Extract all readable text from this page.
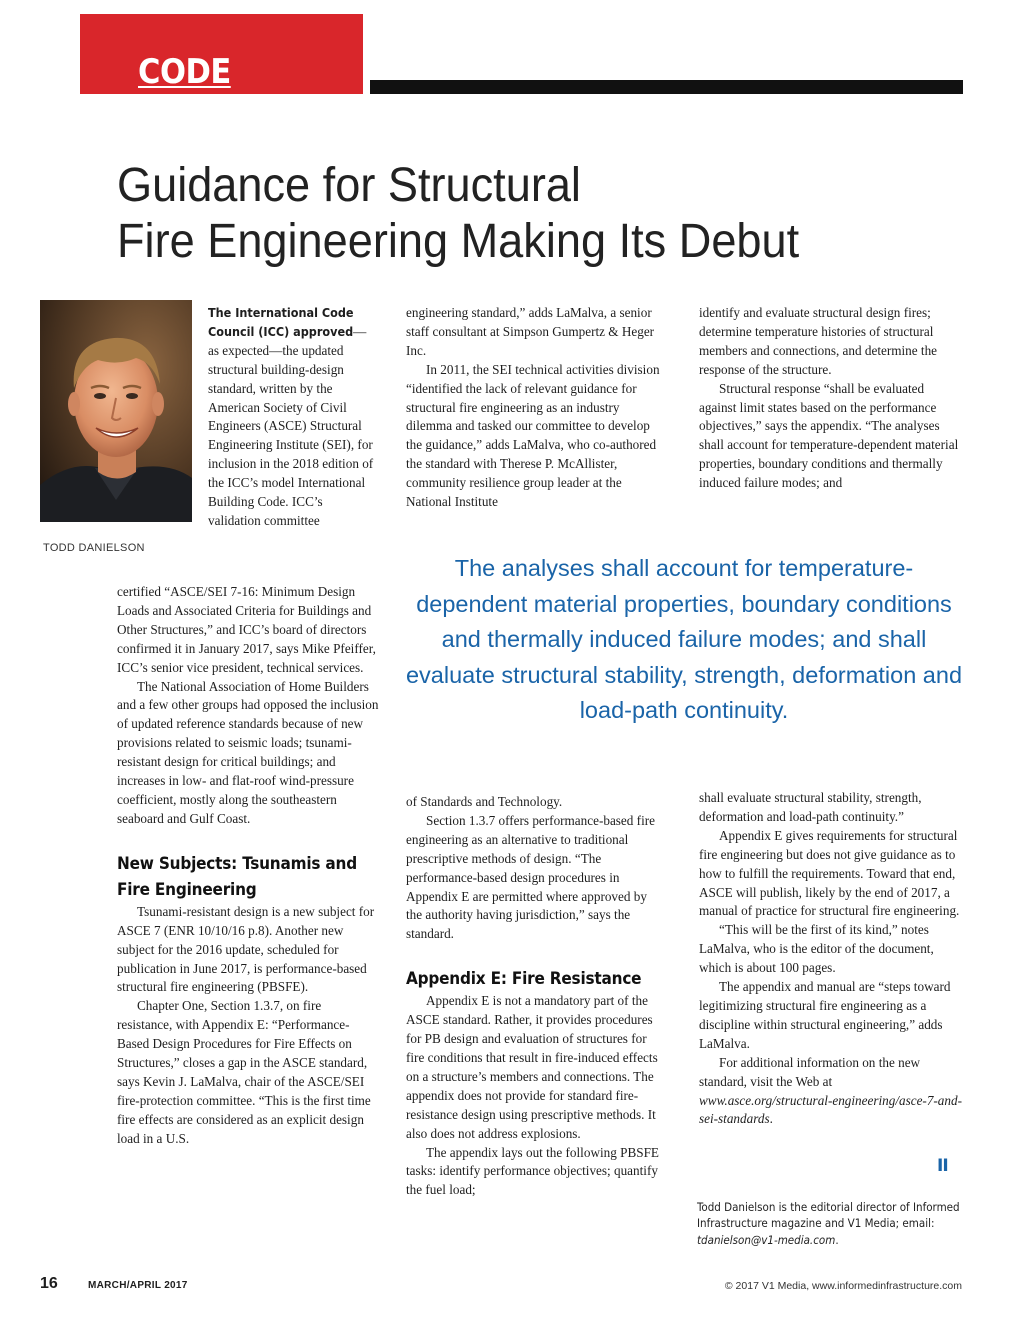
CODE UPDATE
Guidance for Structural
Fire Engineering Making Its Debut
TODD DANIELSON

The International Code Council (ICC) approved— as expected—the updated structural building-design standard, written by the American Society of Civil Engineers (ASCE) Structural Engineering Institute (SEI), for inclusion in the 2018 edition of the ICC’s model International Building Code. ICC’s validation committee

certified “ASCE/SEI 7-16: Minimum Design Loads and Associated Criteria for Buildings and Other Structures,” and ICC’s board of directors confirmed it in January 2017, says Mike Pfeiffer, ICC’s senior vice president, technical services.

The National Association of Home Builders and a few other groups had opposed the inclusion of updated reference standards because of new provisions related to seismic loads; tsunami-resistant design for critical buildings; and increases in low- and flat-roof wind-pressure coefficient, mostly along the southeastern seaboard and Gulf Coast.

New Subjects: Tsunamis and Fire Engineering

Tsunami-resistant design is a new subject for ASCE 7 (ENR 10/10/16 p.8). Another new subject for the 2016 update, scheduled for publication in June 2017, is performance-based structural fire engineering (PBSFE).

Chapter One, Section 1.3.7, on fire resistance, with Appendix E: “Performance-Based Design Procedures for Fire Effects on Structures,” closes a gap in the ASCE standard, says Kevin J. LaMalva, chair of the ASCE/SEI fire-protection committee. “This is the first time fire effects are considered as an explicit design load in a U.S.

engineering standard,” adds LaMalva, a senior staff consultant at Simpson Gumpertz & Heger Inc.

In 2011, the SEI technical activities division “identified the lack of relevant guidance for structural fire engineering as an industry dilemma and tasked our committee to develop the guidance,” adds LaMalva, who co-authored the standard with Therese P. McAllister, community resilience group leader at the National Institute

identify and evaluate structural design fires; determine temperature histories of structural members and connections, and determine the response of the structure.

Structural response “shall be evaluated against limit states based on the performance objectives,” says the appendix. “The analyses shall account for temperature-dependent material properties, boundary conditions and thermally induced failure modes; and

The analyses shall account for temperature-dependent material properties, boundary conditions and thermally induced failure modes; and shall evaluate structural stability, strength, deformation and load-path continuity.

of Standards and Technology.

Section 1.3.7 offers performance-based fire engineering as an alternative to traditional prescriptive methods of design. “The performance-based design procedures in Appendix E are permitted where approved by the authority having jurisdiction,” says the standard.

Appendix E: Fire Resistance

Appendix E is not a mandatory part of the ASCE standard. Rather, it provides procedures for PB design and evaluation of structures for fire conditions that result in fire-induced effects on a structure’s members and connections. The appendix does not provide for standard fire-resistance design using prescriptive methods. It also does not address explosions.

The appendix lays out the following PBSFE tasks: identify performance objectives; quantify the fuel load;

shall evaluate structural stability, strength, deformation and load-path continuity.”

Appendix E gives requirements for structural fire engineering but does not give guidance as to how to fulfill the requirements. Toward that end, ASCE will publish, likely by the end of 2017, a manual of practice for structural fire engineering.

“This will be the first of its kind,” notes LaMalva, who is the editor of the document, which is about 100 pages.

The appendix and manual are “steps toward legitimizing structural fire engineering as a discipline within structural engineering,” adds LaMalva.

For additional information on the new standard, visit the Web at www.asce.org/structural-engineering/asce-7-and-sei-standards.

II

Todd Danielson is the editorial director of Informed Infrastructure magazine and V1 Media; email: tdanielson@v1-media.com.

16	MARCH/APRIL 2017	© 2017 V1 Media, www.informedinfrastructure.com
